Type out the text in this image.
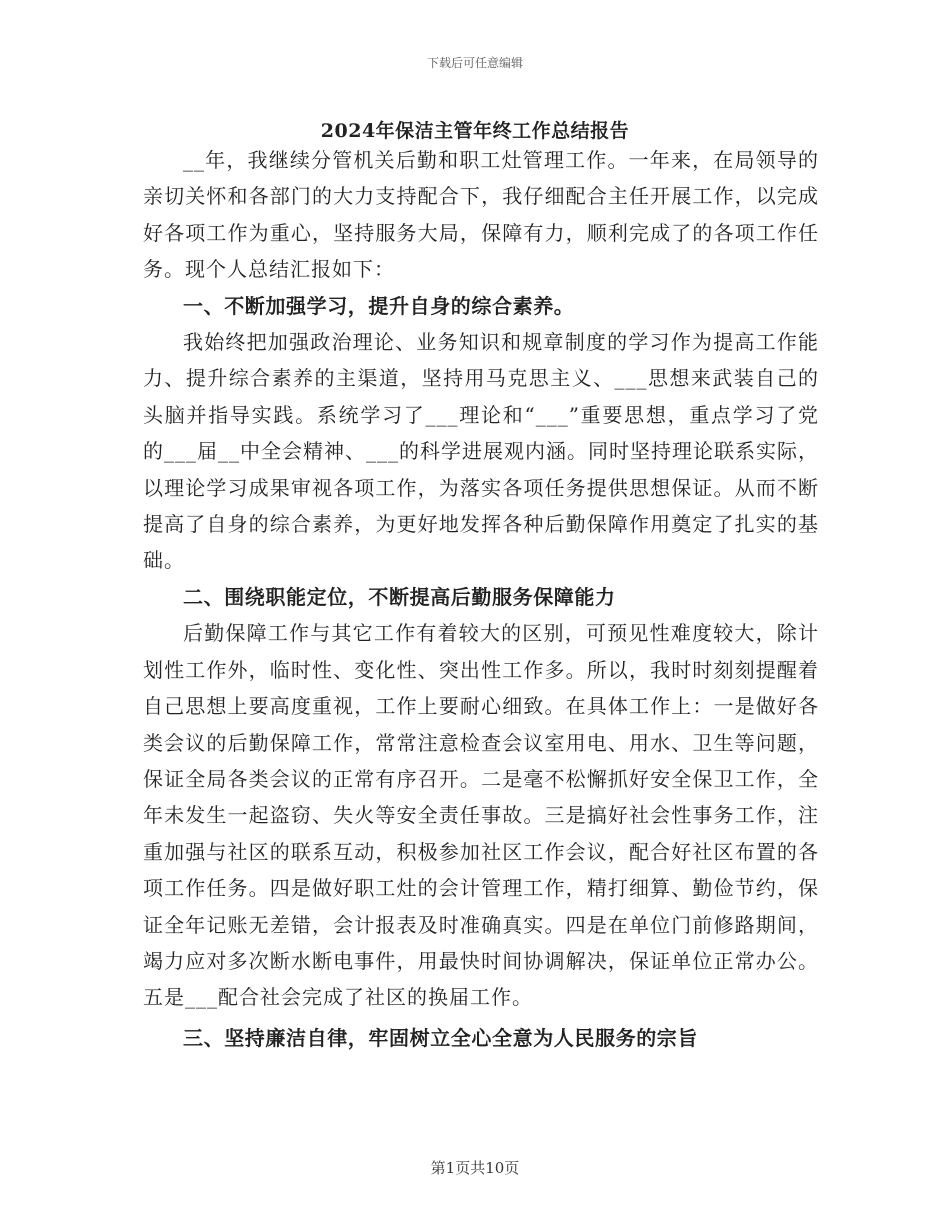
下载后可任意编辑
2024年保洁主管年终工作总结报告

__年，我继续分管机关后勤和职工灶管理工作。一年来，在局领导的亲切关怀和各部门的大力支持配合下，我仔细配合主任开展工作，以完成好各项工作为重心，坚持服务大局，保障有力，顺利完成了的各项工作任务。现个人总结汇报如下：

一、不断加强学习，提升自身的综合素养。

我始终把加强政治理论、业务知识和规章制度的学习作为提高工作能力、提升综合素养的主渠道，坚持用马克思主义、___思想来武装自己的头脑并指导实践。系统学习了___理论和“___”重要思想，重点学习了党的___届__中全会精神、___的科学进展观内涵。同时坚持理论联系实际，以理论学习成果审视各项工作，为落实各项任务提供思想保证。从而不断提高了自身的综合素养，为更好地发挥各种后勤保障作用奠定了扎实的基础。

二、围绕职能定位，不断提高后勤服务保障能力

后勤保障工作与其它工作有着较大的区别，可预见性难度较大，除计划性工作外，临时性、变化性、突出性工作多。所以，我时时刻刻提醒着自己思想上要高度重视，工作上要耐心细致。在具体工作上：一是做好各类会议的后勤保障工作，常常注意检查会议室用电、用水、卫生等问题，保证全局各类会议的正常有序召开。二是毫不松懈抓好安全保卫工作，全年未发生一起盗窃、失火等安全责任事故。三是搞好社会性事务工作，注重加强与社区的联系互动，积极参加社区工作会议，配合好社区布置的各项工作任务。四是做好职工灶的会计管理工作，精打细算、勤俭节约，保证全年记账无差错，会计报表及时准确真实。四是在单位门前修路期间，竭力应对多次断水断电事件，用最快时间协调解决，保证单位正常办公。五是___配合社会完成了社区的换届工作。

三、坚持廉洁自律，牢固树立全心全意为人民服务的宗旨

第1页共10页
